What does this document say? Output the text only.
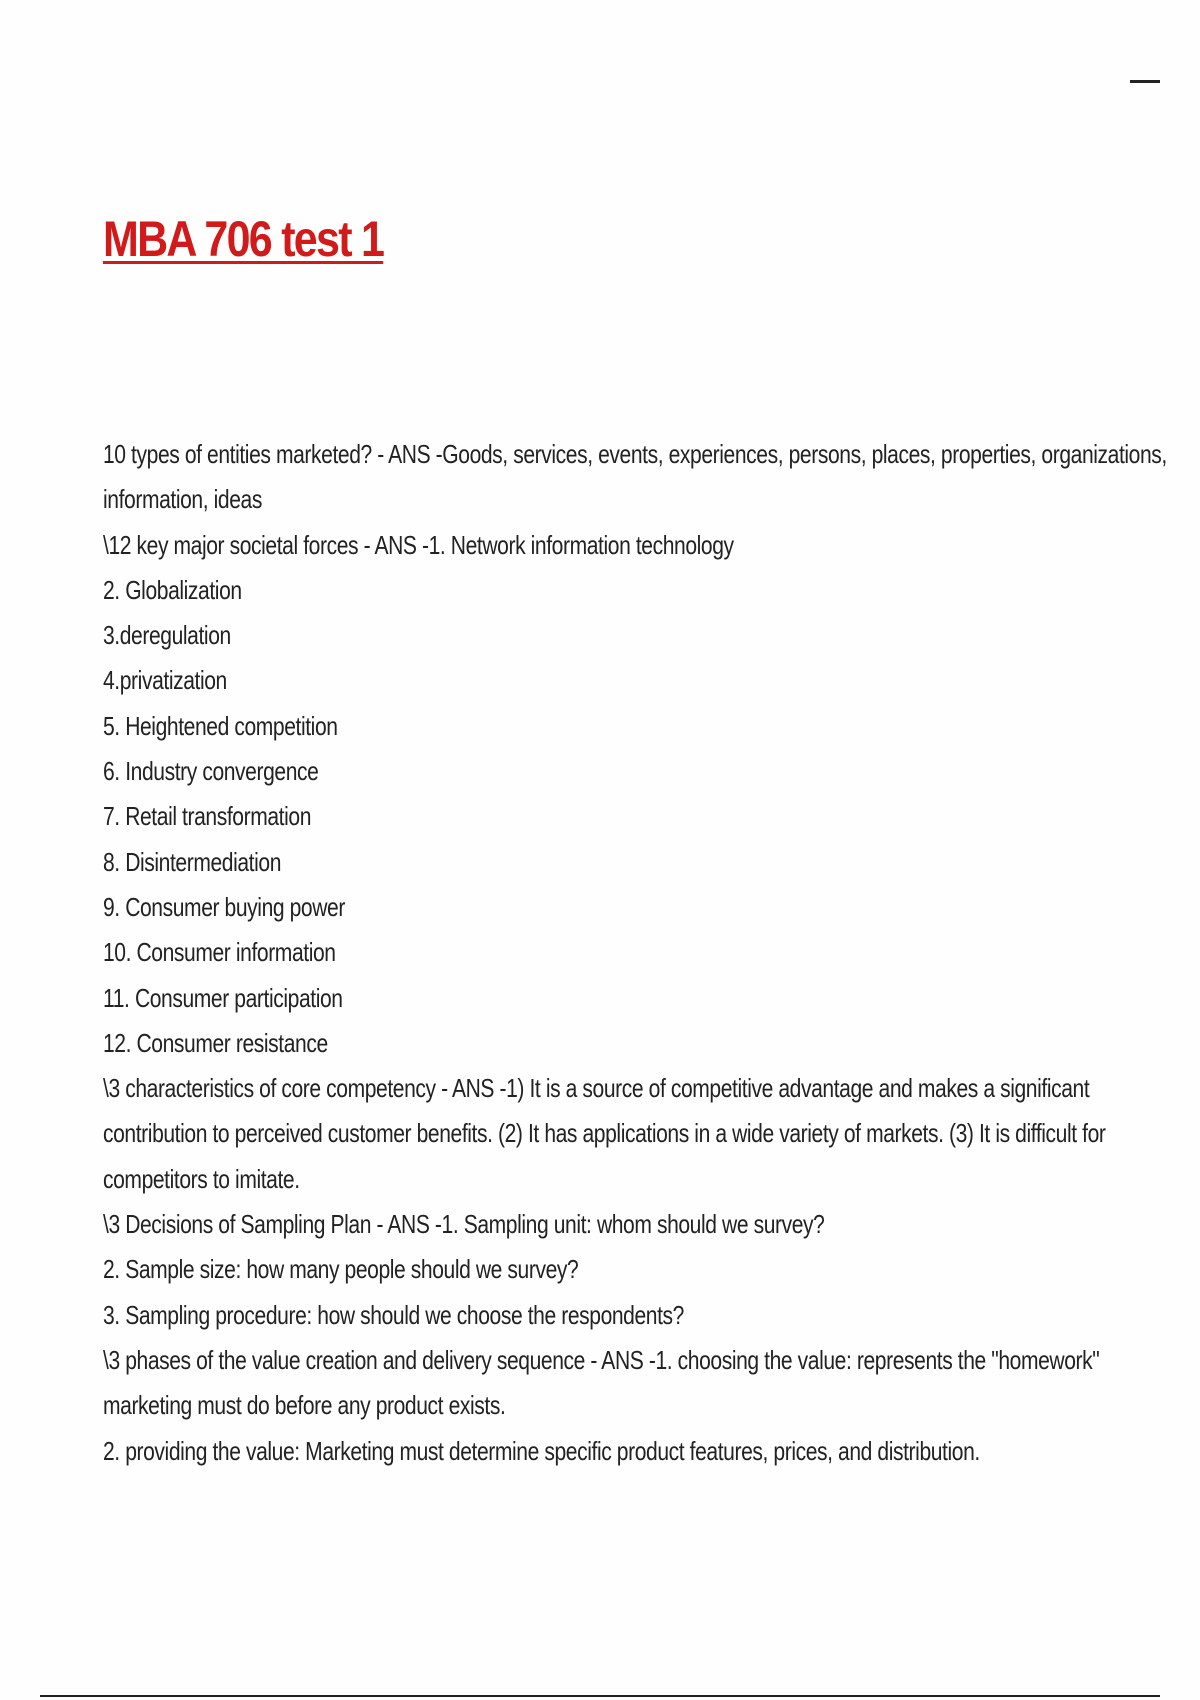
MBA 706 test 1
10 types of entities marketed? - ANS -Goods, services, events, experiences, persons, places, properties, organizations,
information, ideas
\12 key major societal forces - ANS -1. Network information technology
2. Globalization
3.deregulation
4.privatization
5. Heightened competition
6. Industry convergence
7. Retail transformation
8. Disintermediation
9. Consumer buying power
10. Consumer information
11. Consumer participation
12. Consumer resistance
\3 characteristics of core competency - ANS -1) It is a source of competitive advantage and makes a significant
contribution to perceived customer benefits. (2) It has applications in a wide variety of markets. (3) It is difficult for
competitors to imitate.
\3 Decisions of Sampling Plan - ANS -1. Sampling unit: whom should we survey?
2. Sample size: how many people should we survey?
3. Sampling procedure: how should we choose the respondents?
\3 phases of the value creation and delivery sequence - ANS -1. choosing the value: represents the "homework"
marketing must do before any product exists.
2. providing the value: Marketing must determine specific product features, prices, and distribution.
